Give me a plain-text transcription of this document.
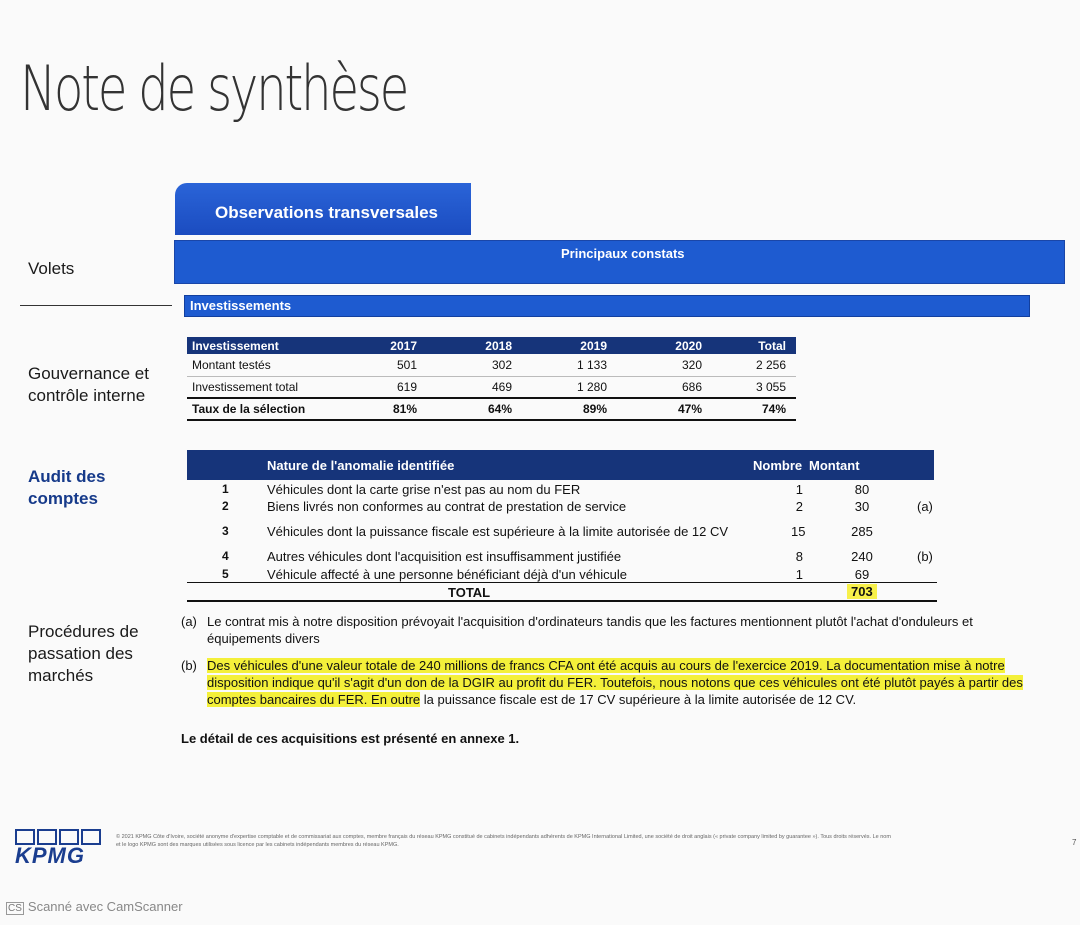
Note de synthèse
Volets
Gouvernance et
contrôle interne
Audit des
comptes
Procédures de
passation des
marchés
Observations transversales
Principaux constats
Investissements
Investissement	2017	2018	2019	2020	Total
Montant testés	501	302	1 133	320	2 256
Investissement total	619	469	1 280	686	3 055
Taux de la sélection	81%	64%	89%	47%	74%
Nature de l'anomalie identifiée	Nombre Montant
1	Véhicules dont la carte grise n'est pas au nom du FER	1	80
2	Biens livrés non conformes au contrat de prestation de service	2	30	(a)
3	Véhicules dont la puissance fiscale est supérieure à la limite autorisée de 12 CV	15	285
4	Autres véhicules dont l'acquisition est insuffisamment justifiée	8	240	(b)
5	Véhicule affecté à une personne bénéficiant déjà d'un véhicule	1	69
TOTAL	703
(a) Le contrat mis à notre disposition prévoyait l'acquisition d'ordinateurs tandis que les factures mentionnent plutôt l'achat d'onduleurs et équipements divers
(b) Des véhicules d'une valeur totale de 240 millions de francs CFA ont été acquis au cours de l'exercice 2019. La documentation mise à notre disposition indique qu'il s'agit d'un don de la DGIR au profit du FER. Toutefois, nous notons que ces véhicules ont été plutôt payés à partir des comptes bancaires du FER. En outre la puissance fiscale est de 17 CV supérieure à la limite autorisée de 12 CV.
Le détail de ces acquisitions est présenté en annexe 1.
KPMG
© 2021 KPMG Côte d'Ivoire, société anonyme d'expertise comptable et de commissariat aux comptes, membre français du réseau KPMG constitué de cabinets indépendants adhérents de KPMG International Limited, une société de droit anglais (« private company limited by guarantee »). Tous droits réservés. Le nom et le logo KPMG sont des marques utilisées sous licence par les cabinets indépendants membres du réseau KPMG.	7
CS Scanné avec CamScanner
